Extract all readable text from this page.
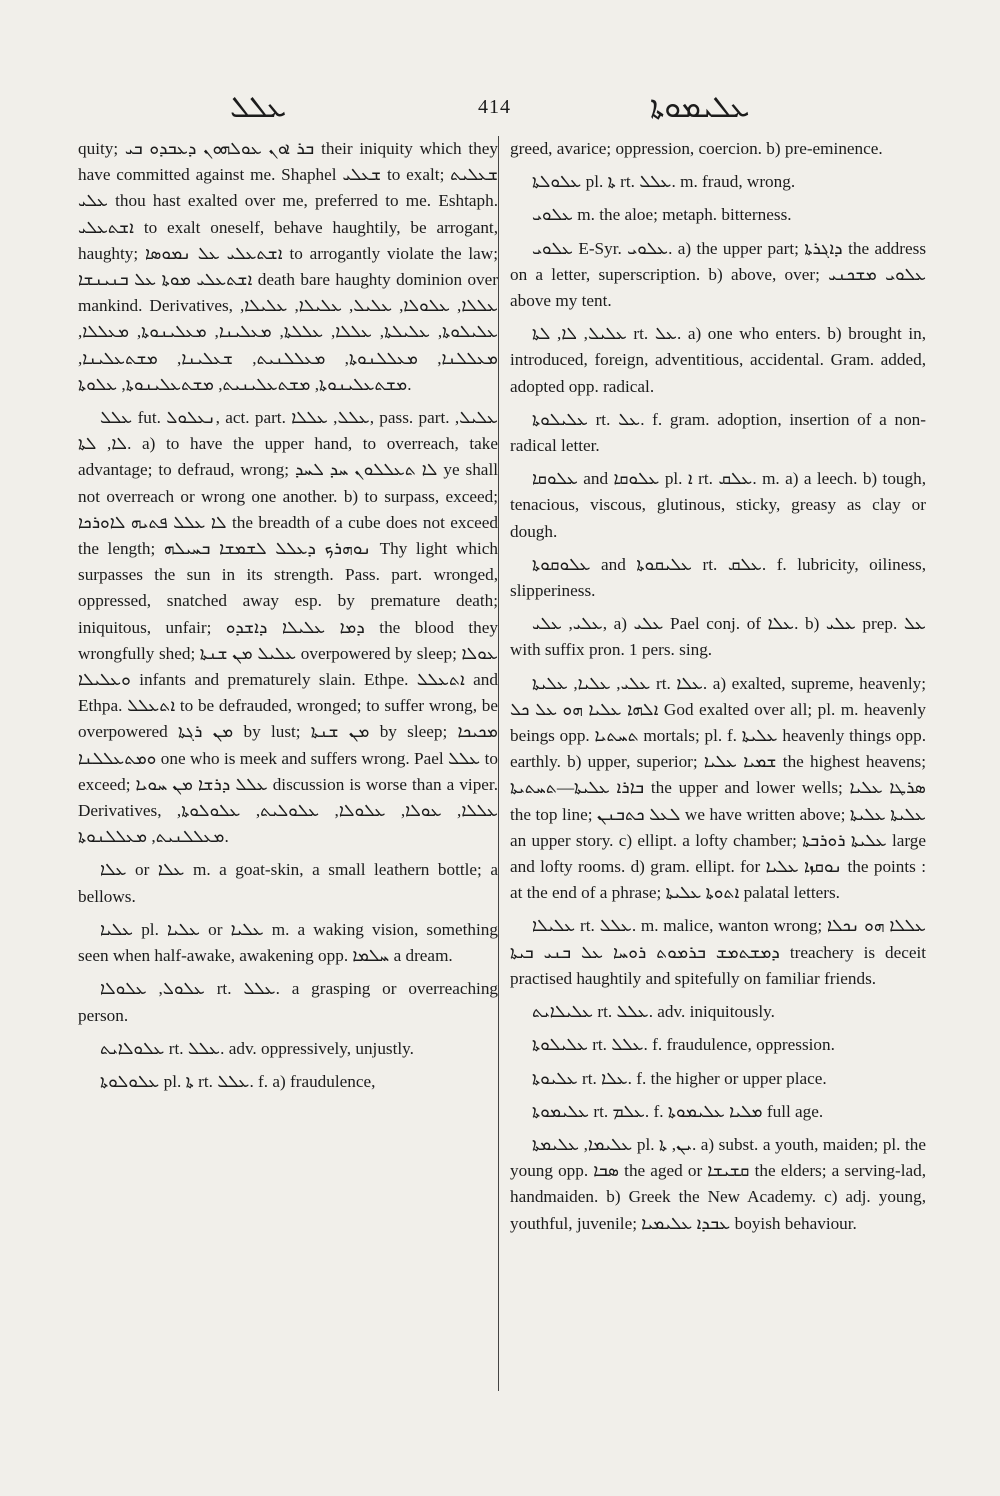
ܥܠܠ	414	ܥܠܝܡܘܬܐ

quity; ܒܪ ܐܘܢ ܥܘܠܗܘܢ ܕܥܒܕܘ ܒܝ their iniquity which they have committed against me. Shaphel ܫܥܠܝ to exalt; ܫܥܠܝܬ ܥܠܝ thou hast exalted over me, preferred to me. Eshtaph. ܐܫܬܥܠܝ to exalt oneself, behave haughtily, be arrogant, haughty; ܐܫܬܥܠܝ ܥܠ ܢܡܘܣܐ to arrogantly violate the law; ܐܫܬܥܠܝ ܡܘܬܐ ܥܠ ܒܢܝܢܫܐ death bare haughty dominion over mankind. Derivatives, ܥܠܠܐ, ܥܠܘܠܐ, ܥܠܝܠ, ܥܠܝܠܐ, ܥܠܝܠܐ, ܥܠܝܠܘܬܐ, ܥܠܝܠܬܐ, ܥܠܠܐ, ܥܠܠܬܐ, ܡܥܠܝܢܐ, ܡܥܠܝܢܘܬܐ, ܡܥܠܠܐ, ܡܥܠܠܢܐ, ܡܥܠܠܢܘܬܐ, ܡܥܠܠܢܝܬ, ܫܥܠܝܢܐ, ܡܫܬܥܠܝܢܐ, ܡܫܬܥܠܝܢܘܬܐ, ܡܫܬܥܠܝܢܝܬ, ܡܫܬܥܠܝܢܘܬܐ, ܥܠܘܬܐ.

ܥܠܠ fut. ܢܥܠܘܠ, act. part. ܥܠܠ, ܥܠܠܐ, pass. part. ܥܠܝܠ, ܠܐ, ܠܬܐ. a) to have the upper hand, to overreach, take advantage; to defraud, wrong; ܠܐ ܬܥܠܠܘܢ ܚܕ ܠܚܕ ye shall not overreach or wrong one another. b) to surpass, exceed; ܠܐ ܥܠܠ ܦܬܝܗ ܠܐܘܪܟܐ the breadth of a cube does not exceed the length; ܢܘܗܪܟ ܕܥܠܠ ܠܫܡܫܐ ܒܚܝܠܗ Thy light which surpasses the sun in its strength. Pass. part. wronged, oppressed, snatched away esp. by premature death; iniquitous, unfair; ܕܡܐ ܥܠܝܠܐ ܕܐܫܕܘ the blood they wrongfully shed; ܥܠܝܠ ܡܢ ܫܢܬܐ overpowered by sleep; ܥܘܠܐ ܘܥܠܝܠܐ infants and prematurely slain. Ethpe. ܐܬܥܠܠ and Ethpa. ܐܬܥܠܠ to be defrauded, wronged; to suffer wrong, be overpowered ܡܢ ܪܓܬܐ by lust; ܡܢ ܫܢܬܐ by sleep; ܡܟܝܟܐ ܘܡܬܥܠܠܢܐ one who is meek and suffers wrong. Pael ܥܠܠ to exceed; ܥܠܠ ܕܪܫܐ ܡܢ ܚܘܝܐ discussion is worse than a viper. Derivatives, ܥܠܠܐ, ܥܘܠܐ, ܥܠܘܠܐ, ܥܠܘܠܝܬ, ܥܠܘܠܘܬܐ, ܡܥܠܠܢܝܬ, ܡܥܠܠܢܘܬܐ.

ܥܠܐ or ܥܠܐ m. a goat-skin, a small leathern bottle; a bellows.

ܥܠܝܐ pl. ܥܠܝܐ or ܥܠܝܐ m. a waking vision, something seen when half-awake, awakening opp. ܚܠܡܐ a dream.

ܥܠܘܠ, ܥܠܘܠܐ rt. ܥܠܠ. a grasping or overreaching person.

ܥܠܘܠܐܝܬ rt. ܥܠܠ. adv. oppressively, unjustly.

ܥܠܘܠܘܬܐ pl. ܬܐ rt. ܥܠܠ. f. a) fraudulence,

greed, avarice; oppression, coercion. b) pre-eminence.

ܥܠܘܠܬܐ pl. ܬܐ rt. ܥܠܠ. m. fraud, wrong.

ܥܠܘܝ m. the aloe; metaph. bitterness.

ܥܠܘܝ E-Syr. ܥܠܘܝ. a) the upper part; ܕܐܓܪܬܐ the address on a letter, superscription. b) above, over; ܥܠܘܝ ܡܫܟܢܝ above my tent.

ܥܠܝܠ, ܠܐ, ܠܬܐ rt. ܥܠ. a) one who enters. b) brought in, introduced, foreign, adventitious, accidental. Gram. added, adopted opp. radical.

ܥܠܝܠܘܬܐ rt. ܥܠ. f. gram. adoption, insertion of a non-radical letter.

ܥܠܘܩܐ and ܥܠܘܩܐ pl. ܐ rt. ܥܠܩ. m. a) a leech. b) tough, tenacious, viscous, glutinous, sticky, greasy as clay or dough.

ܥܠܘܩܘܬܐ and ܥܠܝܩܘܬܐ rt. ܥܠܩ. f. lubricity, oiliness, slipperiness.

ܥܠܝ, ܥܠܝ, a) ܥܠܝ Pael conj. of ܥܠܐ. b) ܥܠܝ prep. ܥܠ with suffix pron. 1 pers. sing.

ܥܠܝ, ܥܠܝܐ, ܥܠܝܬܐ rt. ܥܠܐ. a) exalted, supreme, heavenly; ܐܠܗܐ ܥܠܝܐ ܗܘ ܥܠ ܟܠ God exalted over all; pl. m. heavenly beings opp. ܬܚܬܝܐ mortals; pl. f. ܥܠܝܬܐ heavenly things opp. earthly. b) upper, superior; ܫܡܝܐ ܥܠܝܐ the highest heavens; ܒܐܪܐ ܥܠܝܬܐ—ܬܚܬܝܬܐ the upper and lower wells; ܣܪܛܐ ܥܠܝܐ the top line; ܠܥܠ ܟܬܒܢܢ we have written above; ܥܠܝܬܐ ܥܠܝܬܐ an upper story. c) ellipt. a lofty chamber; ܥܠܝܬܐ ܪܘܪܒܬܐ large and lofty rooms. d) gram. ellipt. for ܢܘܩܙܐ ܥܠܝܐ the points : at the end of a phrase; ܐܬܘܬܐ ܥܠܝܬܐ palatal letters.

ܥܠܝܠܐ rt. ܥܠܠ. m. malice, wanton wrong; ܥܠܠܐ ܗܘ ܢܟܠܐ ܕܡܫܬܡܫ ܒܪܡܘܬ ܪܘܚܐ ܥܠ ܒܢܝ ܒܝܬܐ treachery is deceit practised haughtily and spitefully on familiar friends.

ܥܠܝܠܐܝܬ rt. ܥܠܠ. adv. iniquitously.

ܥܠܝܠܘܬܐ rt. ܥܠܠ. f. fraudulence, oppression.

ܥܠܝܘܬܐ rt. ܥܠܐ. f. the higher or upper place.

ܥܠܝܡܘܬܐ rt. ܥܠܡ. f. ܡܠܝܐ ܥܠܝܡܘܬܐ full age.

ܥܠܝܡܐ, ܥܠܝܡܬܐ pl. ܝܢ, ܬܐ. a) subst. a youth, maiden; pl. the young opp. ܣܒܐ the aged or ܩܫܝܫܐ the elders; a serving-lad, handmaiden. b) Greek the New Academy. c) adj. young, youthful, juvenile; ܥܒܕܐ ܥܠܝܡܝܐ boyish behaviour.
